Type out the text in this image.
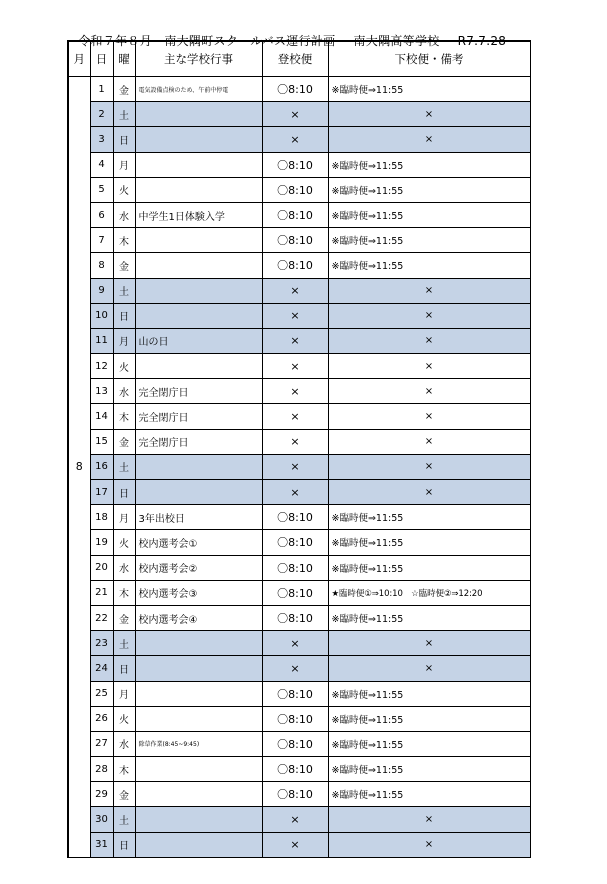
令和７年８月　南大隅町スクールバス運行計画 南大隅高等学校 R7.7.28

月	日	曜	主な学校行事	登校便	下校便・備考
8	1	金	電気設備点検のため、午前中停電	〇8:10	※臨時便⇒11:55
	2	土		×	×
	3	日		×	×
	4	月		〇8:10	※臨時便⇒11:55
	5	火		〇8:10	※臨時便⇒11:55
	6	水	中学生1日体験入学	〇8:10	※臨時便⇒11:55
	7	木		〇8:10	※臨時便⇒11:55
	8	金		〇8:10	※臨時便⇒11:55
	9	土		×	×
	10	日		×	×
	11	月	山の日	×	×
	12	火		×	×
	13	水	完全閉庁日	×	×
	14	木	完全閉庁日	×	×
	15	金	完全閉庁日	×	×
	16	土		×	×
	17	日		×	×
	18	月	3年出校日	〇8:10	※臨時便⇒11:55
	19	火	校内選考会①	〇8:10	※臨時便⇒11:55
	20	水	校内選考会②	〇8:10	※臨時便⇒11:55
	21	木	校内選考会③	〇8:10	★臨時便①⇒10:10　☆臨時便②⇒12:20
	22	金	校内選考会④	〇8:10	※臨時便⇒11:55
	23	土		×	×
	24	日		×	×
	25	月		〇8:10	※臨時便⇒11:55
	26	火		〇8:10	※臨時便⇒11:55
	27	水	除草作業(8:45~9:45)	〇8:10	※臨時便⇒11:55
	28	木		〇8:10	※臨時便⇒11:55
	29	金		〇8:10	※臨時便⇒11:55
	30	土		×	×
	31	日		×	×
